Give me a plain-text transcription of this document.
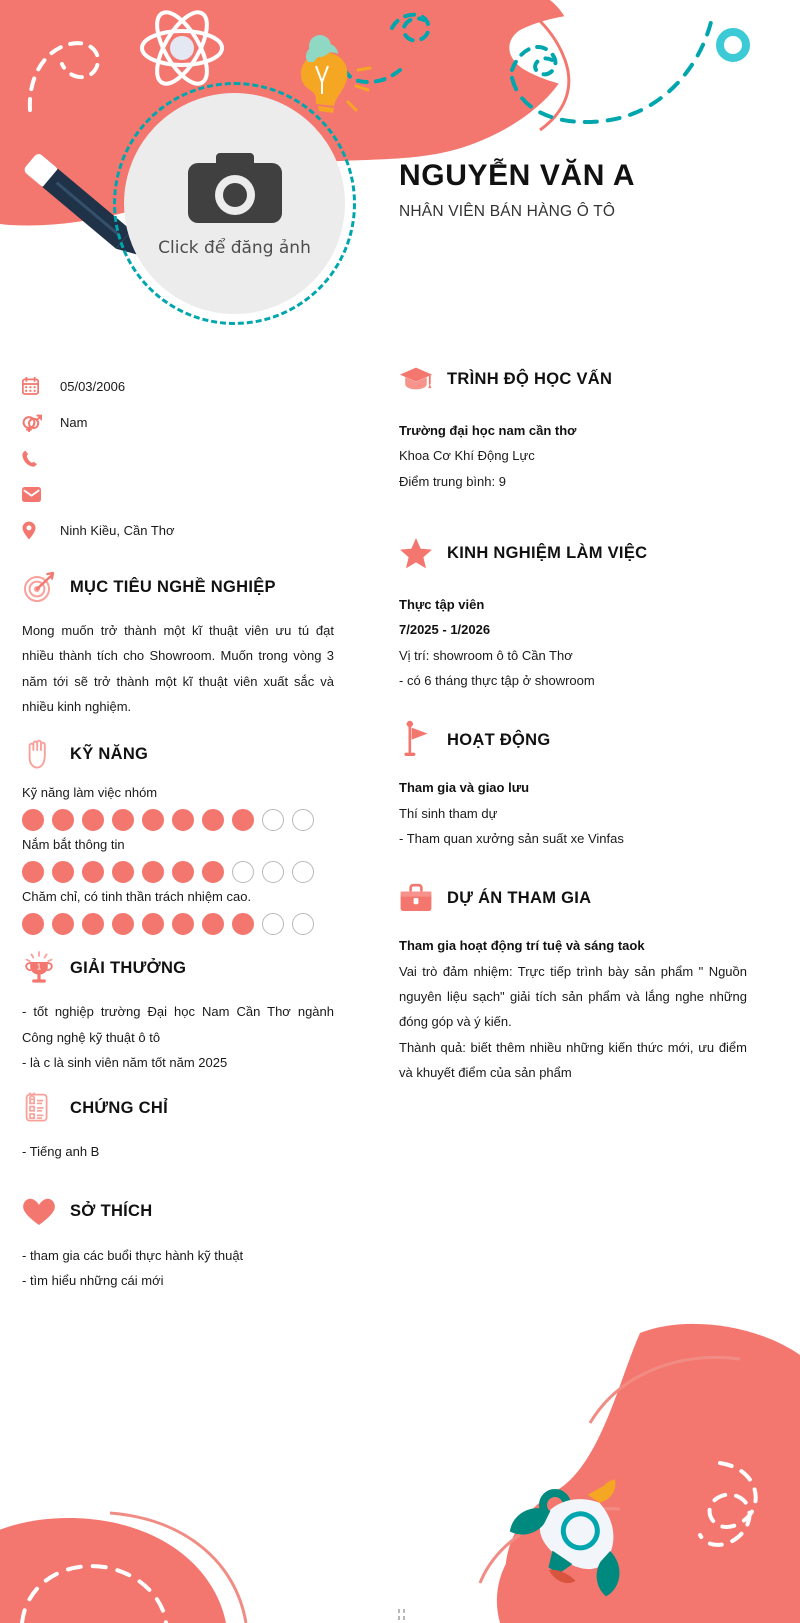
Click để đăng ảnh
NGUYỄN VĂN A
NHÂN VIÊN BÁN HÀNG Ô TÔ
05/03/2006
Nam
Ninh Kiều, Cần Thơ
MỤC TIÊU NGHỀ NGHIỆP
Mong muốn trở thành một kĩ thuật viên ưu tú đạt nhiều thành tích cho Showroom. Muốn trong vòng 3 năm tới sẽ trở thành một kĩ thuật viên xuất sắc và nhiều kinh nghiệm.
KỸ NĂNG
Kỹ năng làm việc nhóm
Nắm bắt thông tin
Chăm chỉ, có tinh thần trách nhiệm cao.
1 GIẢI THƯỞNG
- tốt nghiệp trường Đại học Nam Cần Thơ ngành Công nghệ kỹ thuật ô tô
- là c là sinh viên năm tốt năm 2025
CHỨNG CHỈ
- Tiếng anh B
SỞ THÍCH
- tham gia các buổi thực hành kỹ thuật
- tìm hiểu những cái mới
TRÌNH ĐỘ HỌC VẤN
Trường đại học nam cần thơ
Khoa Cơ Khí Động Lực
Điểm trung bình: 9
KINH NGHIỆM LÀM VIỆC
Thực tập viên
7/2025 - 1/2026
Vị trí: showroom ô tô Cần Thơ
- có 6 tháng thực tập ở showroom
HOẠT ĐỘNG
Tham gia và giao lưu
Thí sinh tham dự
- Tham quan xưởng sản suất xe Vinfas
DỰ ÁN THAM GIA
Tham gia hoạt động trí tuệ và sáng taok
Vai trò đảm nhiệm: Trực tiếp trình bày sản phẩm " Nguồn nguyên liệu sạch" giải tích sản phẩm và lắng nghe những đóng góp và ý kiến.
Thành quả: biết thêm nhiều những kiến thức mới, ưu điểm và khuyết điểm của sản phẩm
